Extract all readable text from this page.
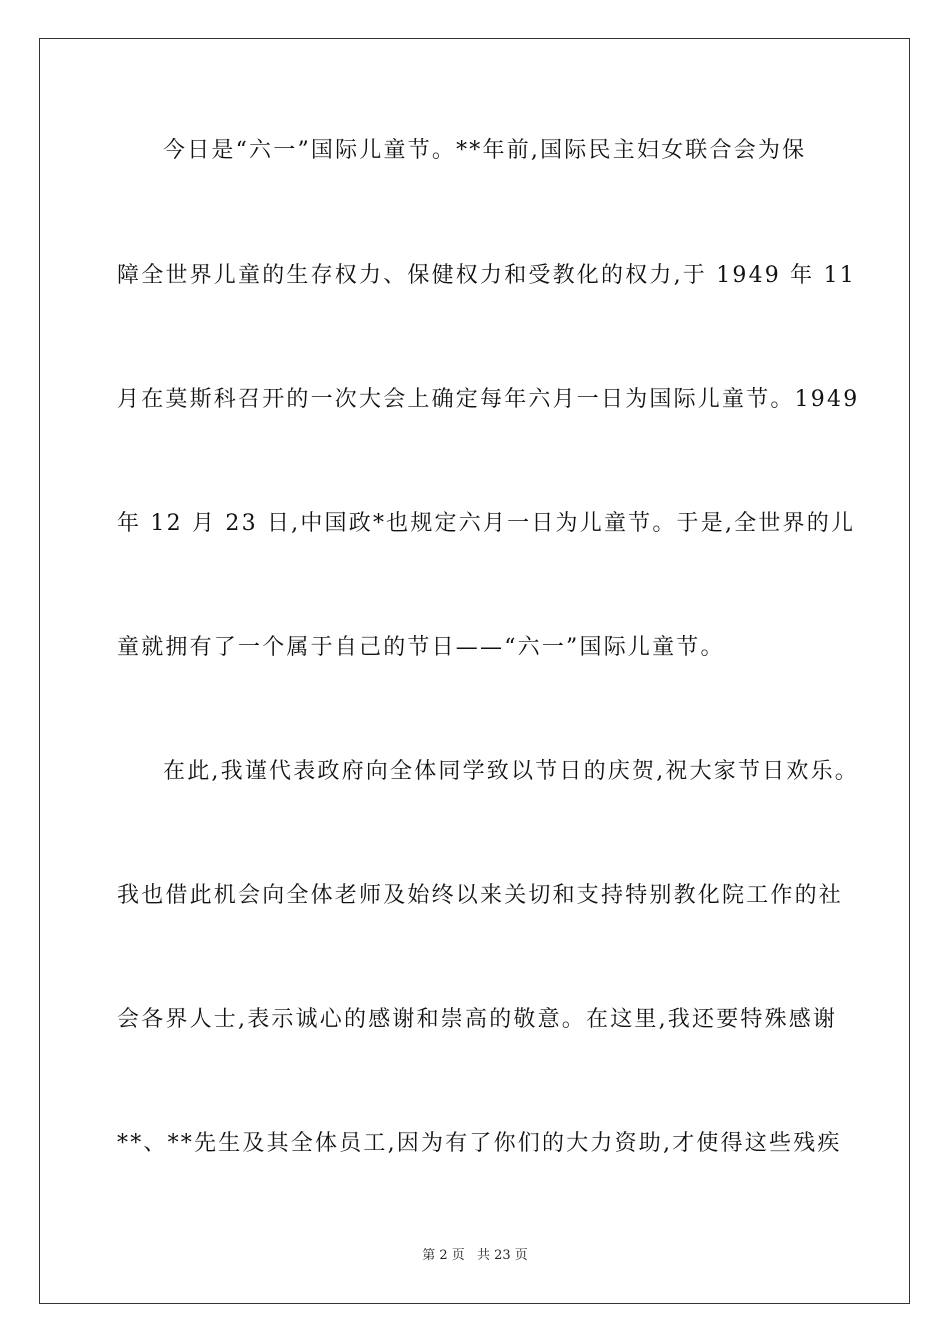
今日是“六一”国际儿童节。**年前,国际民主妇女联合会为保
障全世界儿童的生存权力、保健权力和受教化的权力,于 1949 年 11
月在莫斯科召开的一次大会上确定每年六月一日为国际儿童节。1949
年 12 月 23 日,中国政*也规定六月一日为儿童节。于是,全世界的儿
童就拥有了一个属于自己的节日——“六一”国际儿童节。
在此,我谨代表政府向全体同学致以节日的庆贺,祝大家节日欢乐。
我也借此机会向全体老师及始终以来关切和支持特别教化院工作的社
会各界人士,表示诚心的感谢和崇高的敬意。在这里,我还要特殊感谢
**、**先生及其全体员工,因为有了你们的大力资助,才使得这些残疾
第 2 页 共 23 页
